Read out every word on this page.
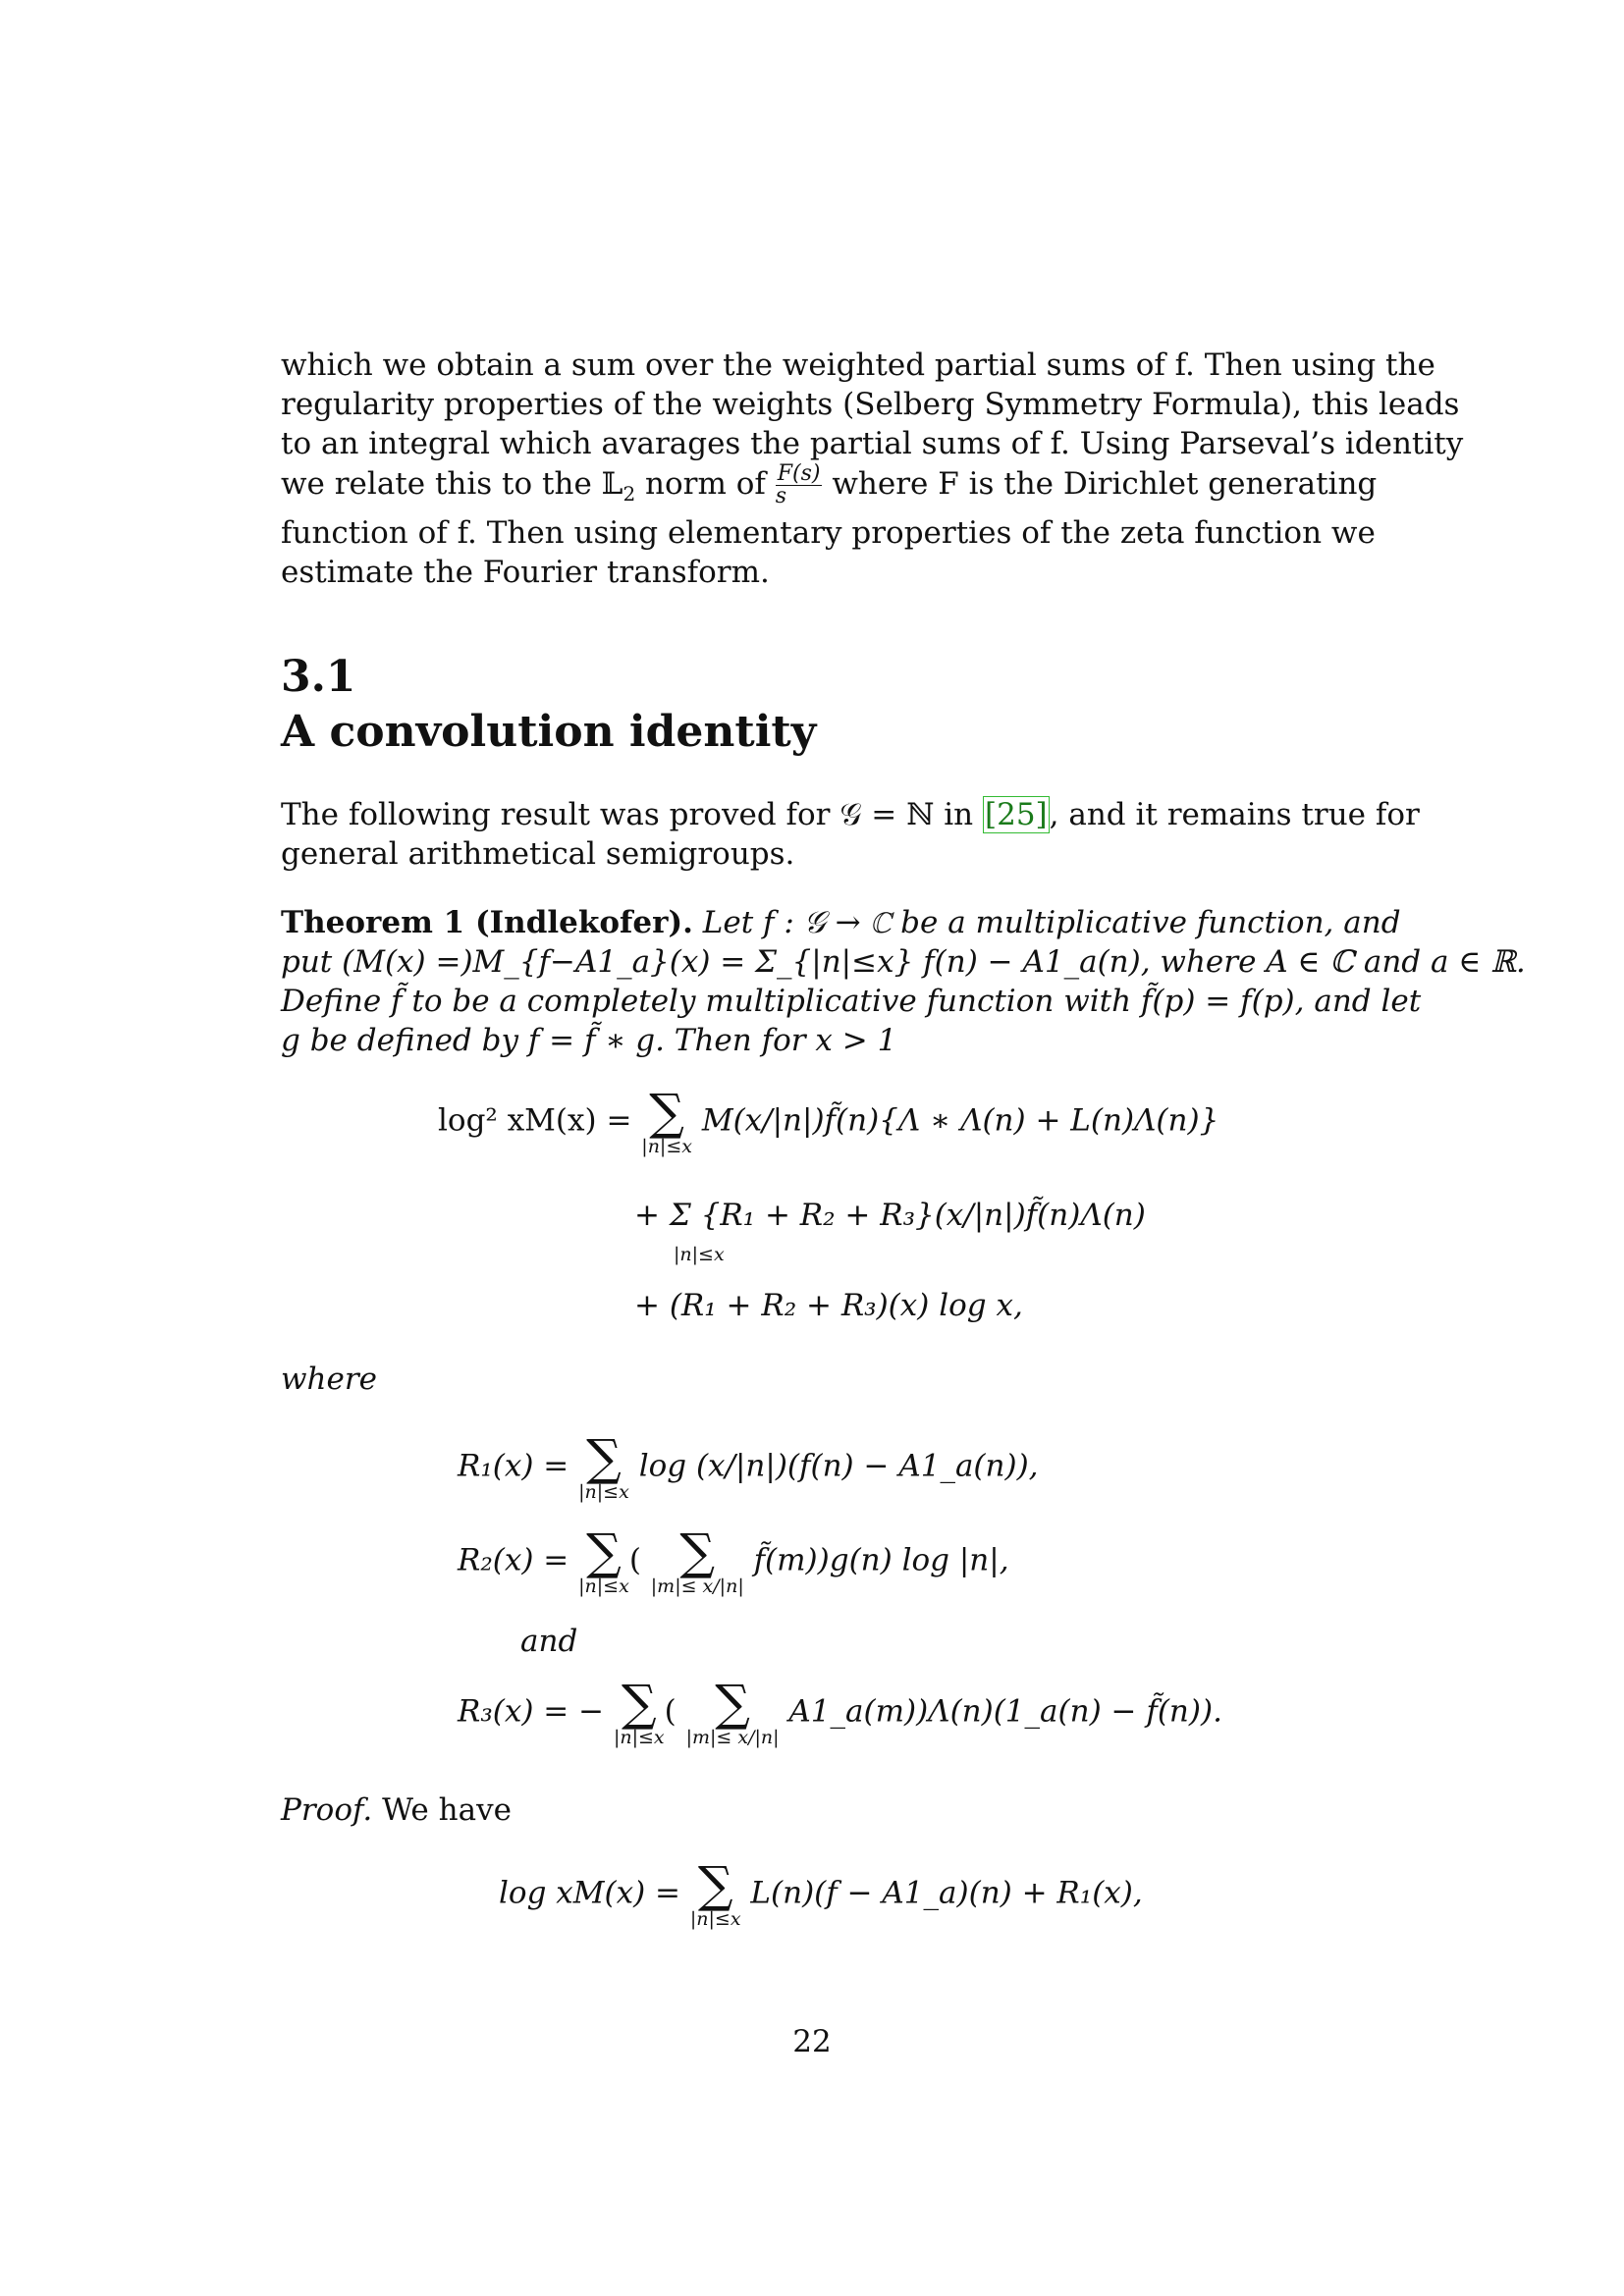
which we obtain a sum over the weighted partial sums of f. Then using the
regularity properties of the weights (Selberg Symmetry Formula), this leads
to an integral which avarages the partial sums of f. Using Parseval’s identity
we relate this to the 𝕃$_2$ norm of $\frac{F(s)}{s}$ where F is the Dirichlet generating
function of f. Then using elementary properties of the zeta function we
estimate the Fourier transform.

3.1
A convolution identity

The following result was proved for 𝒢 = ℕ in [25], and it remains true for
general arithmetical semigroups.

Theorem 1 (Indlekofer). Let f : 𝒢 → ℂ be a multiplicative function, and
put (M(x) =)M_{f−A1_a}(x) = Σ_{|n|≤x} f(n) − A1_a(n), where A ∈ ℂ and a ∈ ℝ.
Define f̃ to be a completely multiplicative function with f̃(p) = f(p), and let
g be defined by f = f̃ ∗ g. Then for x > 1

log² xM(x) = ∑
|n|≤x
M(x/|n|)f̃(n){Λ ∗ Λ(n) + L(n)Λ(n)}
+ Σ {R₁ + R₂ + R₃}(x/|n|)f̃(n)Λ(n)
|n|≤x
+ (R₁ + R₂ + R₃)(x) log x,
where
R₁(x) = ∑
|n|≤x
log (x/|n|)(f(n) − A1_a(n)),
R₂(x) = ∑
|n|≤x
( ∑
|m|≤ x/|n|
f̃(m))g(n) log |n|,
and
R₃(x) = − ∑
|n|≤x
( ∑
|m|≤ x/|n|
A1_a(m))Λ(n)(1_a(n) − f̃(n)).
Proof. We have
log xM(x) = ∑
|n|≤x
L(n)(f − A1_a)(n) + R₁(x),
22
